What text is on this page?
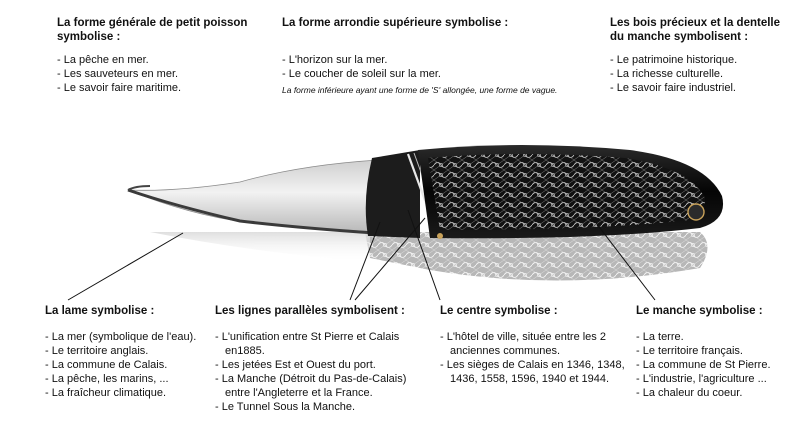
La forme générale de petit poisson symbolise :
- La pêche en mer.
- Les sauveteurs en mer.
- Le savoir faire maritime.
La forme arrondie supérieure symbolise :
- L'horizon sur la mer.
- Le coucher de soleil sur la mer.
La forme inférieure ayant une forme de 'S' allongée, une forme de vague.
Les bois précieux et la dentelle du manche symbolisent :
- Le patrimoine historique.
- La richesse culturelle.
- Le savoir faire industriel.
La lame symbolise :
- La mer (symbolique de l'eau).
- Le territoire anglais.
- La commune de Calais.
- La pêche, les marins, ...
- La fraîcheur climatique.
Les lignes parallèles symbolisent :
- L'unification entre St Pierre et Calais
en1885.
- Les jetées Est et Ouest du port.
- La Manche (Détroit du Pas-de-Calais)
entre l'Angleterre et la France.
- Le Tunnel Sous la Manche.
Le centre symbolise :
- L'hôtel de ville, située entre les 2
anciennes communes.
- Les sièges de Calais en 1346, 1348,
1436, 1558, 1596, 1940 et 1944.
Le manche symbolise :
- La terre.
- Le territoire français.
- La commune de St Pierre.
- L'industrie, l'agriculture ...
- La chaleur du coeur.
